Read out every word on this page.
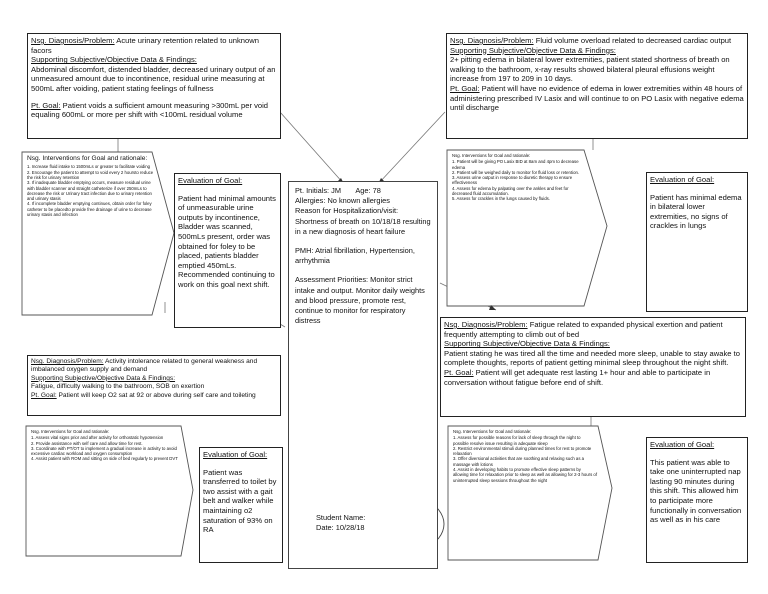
Nsg. Diagnosis/Problem: Acute urinary retention related to unknown facors
Supporting Subjective/Objective Data & Findings:
Abdominal discomfort, distended bladder, decreased urinary output of an unmeasured amount due to incontinence, residual urine measuring at 500mL after voiding, patient stating feelings of fullness
Pt. Goal: Patient voids a sufficient amount measuring >300mL per void equaling 600mL or more per shift with <100mL residual volume
Nsg. Interventions for Goal and rationale:
1. Increase fluid intake to 1500mLs or greater to facilitate voiding
2. Encourage the patient to attempt to void every 2 hoursto reduce the risk for urinary retention
3. If inadequate bladder emptying occurs, measure residual urine with bladder scanner and straight catheterize if over 250mLs to decrease the risk or Urinary tract infection due to urinary retention and urinary stasis
4. If incomplete bladder emptying continues, obtain order for foley catheter to be placedto provide free drainage of urine to decrease urinary stasis and infection
Evaluation of Goal:
Patient had minimal amounts of unmeasurable urine outputs by incontinence, Bladder was scanned, 500mLs present, order was obtained for foley to be placed, patients bladder emptied 450mLs. Recommended continuing to work on this goal next shift.
Nsg. Diagnosis/Problem: Fluid volume overload related to decreased cardiac output
Supporting Subjective/Objective Data & Findings:
2+ pitting edema in bilateral lower extremities, patient stated shortness of breath on walking to the bathroom, x-ray results showed bilateral pleural effusions weight increase from 197 to 209 in 10 days.
Pt. Goal: Patient will have no evidence of edema in lower extremities within 48 hours of administering prescribed IV Lasix and will continue to on PO Lasix with negative edema until discharge
Nsg. Interventions for Goal and rationale:
1. Patient will be giving PO Lasix BID at 8am and 4pm to decrease edema
2. Patient will be weighed daily to monitor for fluid loss or retention.
3. Assess urine output in response to diuretic therapy to ensure effectiveness
4. Assess for edema by palpating over the ankles and feet for decreased fluid accumulation.
5. Assess for crackles in the lungs caused by fluids.
Evaluation of Goal:
Patient has minimal edema in bilateral lower extremities, no signs of crackles in lungs
Pt. Initials: JM Age: 78
Allergies: No known allergies
Reason for Hospitalization/visit: Shortness of breath on 10/18/18 resulting in a new diagnosis of heart failure
PMH: Atrial fibrillation, Hypertension, arrhythmia
Assessment Priorities: Monitor strict intake and output. Monitor daily weights and blood pressure, promote rest, continue to monitor for respiratory distress
Student Name:
Date: 10/28/18
Nsg. Diagnosis/Problem: Fatigue related to expanded physical exertion and patient frequently attempting to climb out of bed
Supporting Subjective/Objective Data & Findings:
Patient stating he was tired all the time and needed more sleep, unable to stay awake to complete thoughts, reports of patient getting minimal sleep throughout the night shift.
Pt. Goal: Patient will get adequate rest lasting 1+ hour and able to participate in conversation without fatigue before end of shift.
Nsg. Interventions for Goal and rationale:
1. Assess for possible reasons for lack of sleep through the night to possible resolve issue resulting in adequate sleep
2. Restrict environmental stimuli during planned times for rest to promote relaxation
3. Offer diversional activities that are soothing and relaxing such as a massage with lotions
4. Assist in developing habits to promote effective sleep patterns by allowing time for relaxation prior to sleep as well as allowing for 2-3 hours of uninterrupted sleep sessions throughout the night
Evaluation of Goal:
This patient was able to take one uninterrupted nap lasting 90 minutes during this shift. This allowed him to participate more functionally in conversation as well as in his care
Nsg. Diagnosis/Problem: Activity intolerance related to general weakness and imbalanced oxygen supply and demand
Supporting Subjective/Objective Data & Findings:
Fatigue, difficulty walking to the bathroom, SOB on exertion
Pt. Goal: Patient will keep O2 sat at 92 or above during self care and toileting
Nsg. Interventions for Goal and rationale:
1. Assess vital signs prior and after activity for orthostatic hypotension
2. Provide assistance with self care and allow time for rest.
3. Coordinate with PT/OT to implement a gradual increase in activity to avoid excessive cardiac workload and oxygen consumption
4. Assist patient with ROM and sitting on side of bed regularly to prevent DVT	Evaluation of Goal:
Patient was transferred to toilet by two assist with a gait belt and walker while maintaining o2 saturation of 93% on RA
